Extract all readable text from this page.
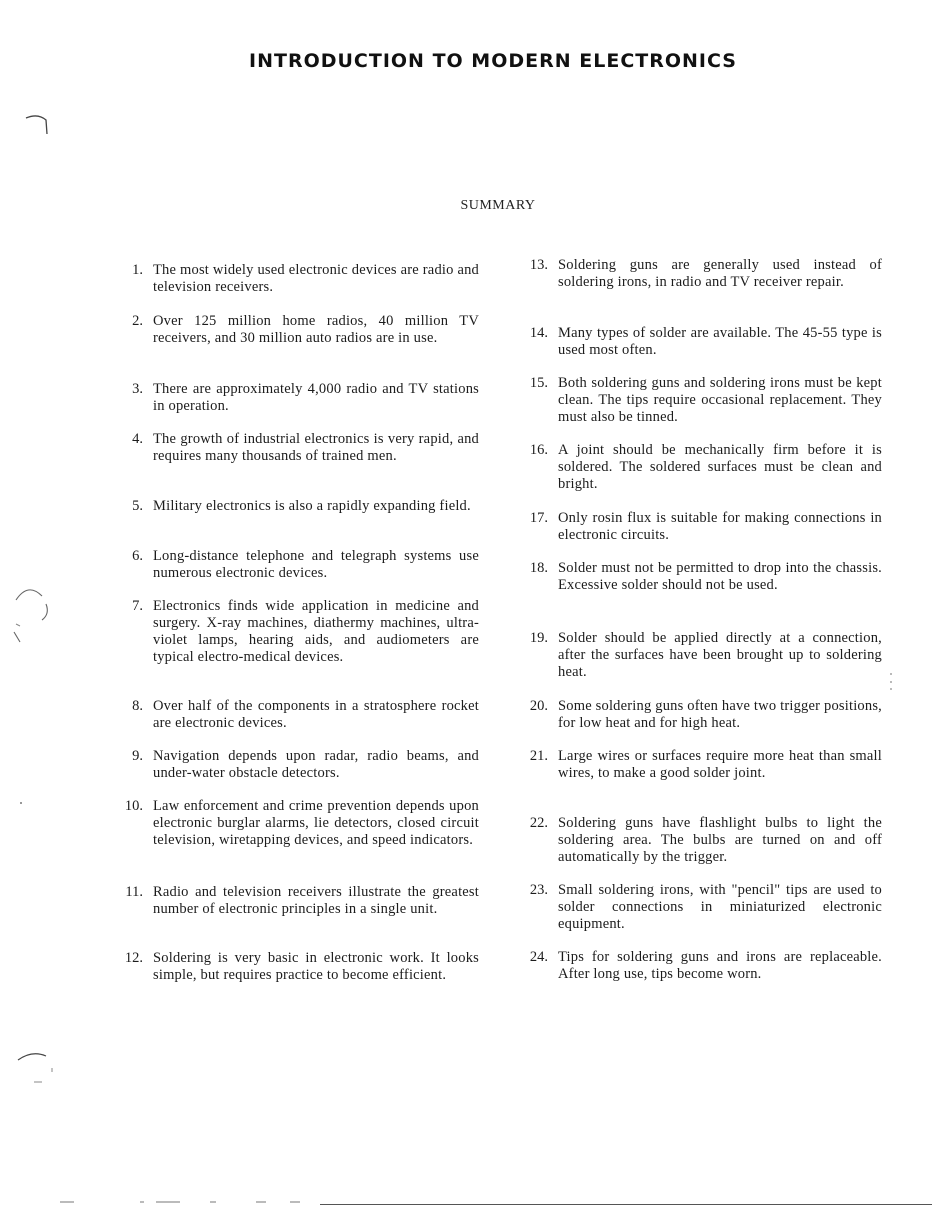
INTRODUCTION TO MODERN ELECTRONICS
SUMMARY
1. The most widely used electronic devices are radio and television receivers.
2. Over 125 million home radios, 40 million TV receivers, and 30 million auto radios are in use.
3. There are approximately 4,000 radio and TV stations in operation.
4. The growth of industrial electronics is very rapid, and requires many thousands of trained men.
5. Military electronics is also a rapidly expanding field.
6. Long-distance telephone and telegraph systems use numerous electronic devices.
7. Electronics finds wide application in medicine and surgery. X-ray machines, diathermy machines, ultra-violet lamps, hearing aids, and audiometers are typical electro-medical devices.
8. Over half of the components in a stratosphere rocket are electronic devices.
9. Navigation depends upon radar, radio beams, and under-water obstacle detectors.
10. Law enforcement and crime prevention depends upon electronic burglar alarms, lie detectors, closed circuit television, wiretapping devices, and speed indicators.
11. Radio and television receivers illustrate the greatest number of electronic principles in a single unit.
12. Soldering is very basic in electronic work. It looks simple, but requires practice to become efficient.
13. Soldering guns are generally used instead of soldering irons, in radio and TV receiver repair.
14. Many types of solder are available. The 45-55 type is used most often.
15. Both soldering guns and soldering irons must be kept clean. The tips require occasional replacement. They must also be tinned.
16. A joint should be mechanically firm before it is soldered. The soldered surfaces must be clean and bright.
17. Only rosin flux is suitable for making connections in electronic circuits.
18. Solder must not be permitted to drop into the chassis. Excessive solder should not be used.
19. Solder should be applied directly at a connection, after the surfaces have been brought up to soldering heat.
20. Some soldering guns often have two trigger positions, for low heat and for high heat.
21. Large wires or surfaces require more heat than small wires, to make a good solder joint.
22. Soldering guns have flashlight bulbs to light the soldering area. The bulbs are turned on and off automatically by the trigger.
23. Small soldering irons, with "pencil" tips are used to solder connections in miniaturized electronic equipment.
24. Tips for soldering guns and irons are replaceable. After long use, tips become worn.
